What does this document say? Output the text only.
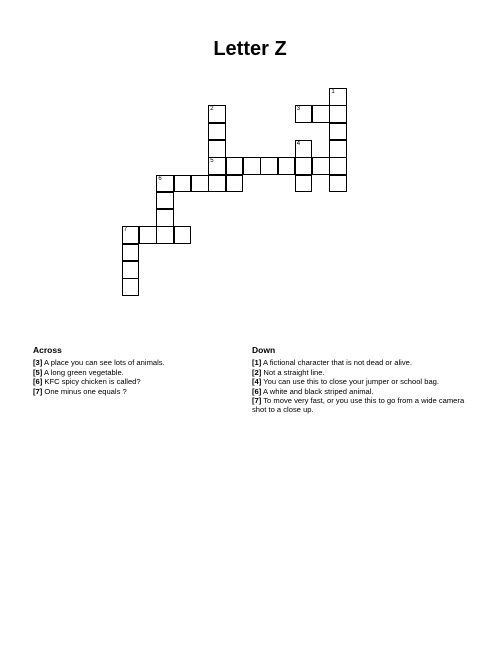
Letter Z
1
3
4
2
5
6
7
Across

[3] A place you can see lots of animals.

[5] A long green vegetable.

[6] KFC spicy chicken is called?

[7] One minus one equals ?

Down

[1] A fictional character that is not dead or alive.

[2] Not a straight line.

[4] You can use this to close your jumper or school bag.

[6] A white and black striped animal.

[7] To move very fast, or you use this to go from a wide camera shot to a close up.
